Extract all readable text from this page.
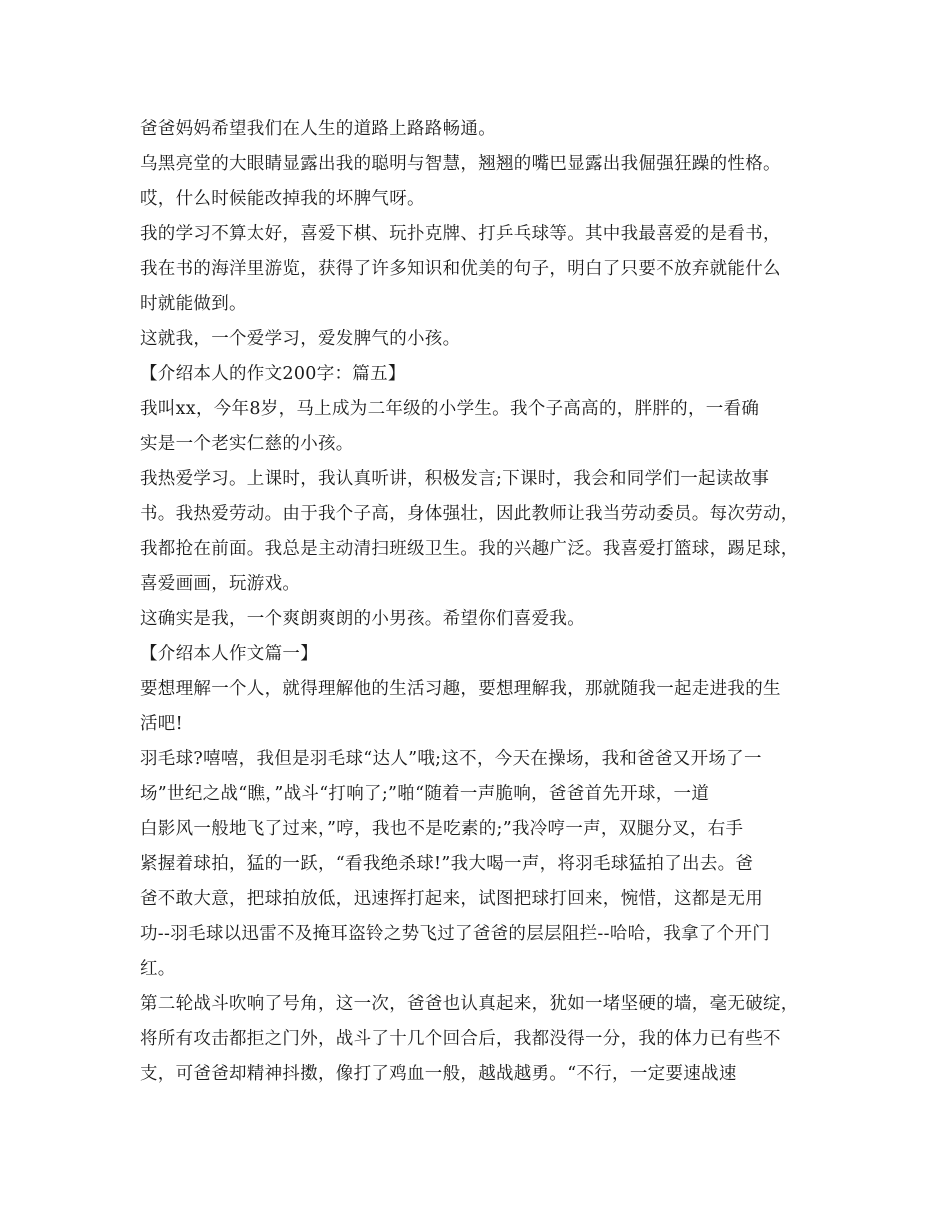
爸爸妈妈希望我们在人生的道路上路路畅通。
乌黑亮堂的大眼睛显露出我的聪明与智慧，翘翘的嘴巴显露出我倔强狂躁的性格。
哎，什么时候能改掉我的坏脾气呀。
我的学习不算太好，喜爱下棋、玩扑克牌、打乒乓球等。其中我最喜爱的是看书，
我在书的海洋里游览，获得了许多知识和优美的句子，明白了只要不放弃就能什么
时就能做到。
这就我，一个爱学习，爱发脾气的小孩。
【介绍本人的作文200字：篇五】
我叫xx，今年8岁，马上成为二年级的小学生。我个子高高的，胖胖的，一看确
实是一个老实仁慈的小孩。
我热爱学习。上课时，我认真听讲，积极发言;下课时，我会和同学们一起读故事
书。我热爱劳动。由于我个子高，身体强壮，因此教师让我当劳动委员。每次劳动，
我都抢在前面。我总是主动清扫班级卫生。我的兴趣广泛。我喜爱打篮球，踢足球，
喜爱画画，玩游戏。
这确实是我，一个爽朗爽朗的小男孩。希望你们喜爱我。
【介绍本人作文篇一】
要想理解一个人，就得理解他的生活习趣，要想理解我，那就随我一起走进我的生
活吧!
羽毛球?嘻嘻，我但是羽毛球“达人”哦;这不，今天在操场，我和爸爸又开场了一
场”世纪之战“瞧，”战斗“打响了;”啪“随着一声脆响，爸爸首先开球，一道
白影风一般地飞了过来，”哼，我也不是吃素的;”我冷哼一声，双腿分叉，右手
紧握着球拍，猛的一跃，“看我绝杀球!”我大喝一声，将羽毛球猛拍了出去。爸
爸不敢大意，把球拍放低，迅速挥打起来，试图把球打回来，惋惜，这都是无用
功--羽毛球以迅雷不及掩耳盗铃之势飞过了爸爸的层层阻拦--哈哈，我拿了个开门
红。
第二轮战斗吹响了号角，这一次，爸爸也认真起来，犹如一堵坚硬的墙，毫无破绽，
将所有攻击都拒之门外，战斗了十几个回合后，我都没得一分，我的体力已有些不
支，可爸爸却精神抖擞，像打了鸡血一般，越战越勇。“不行，一定要速战速
